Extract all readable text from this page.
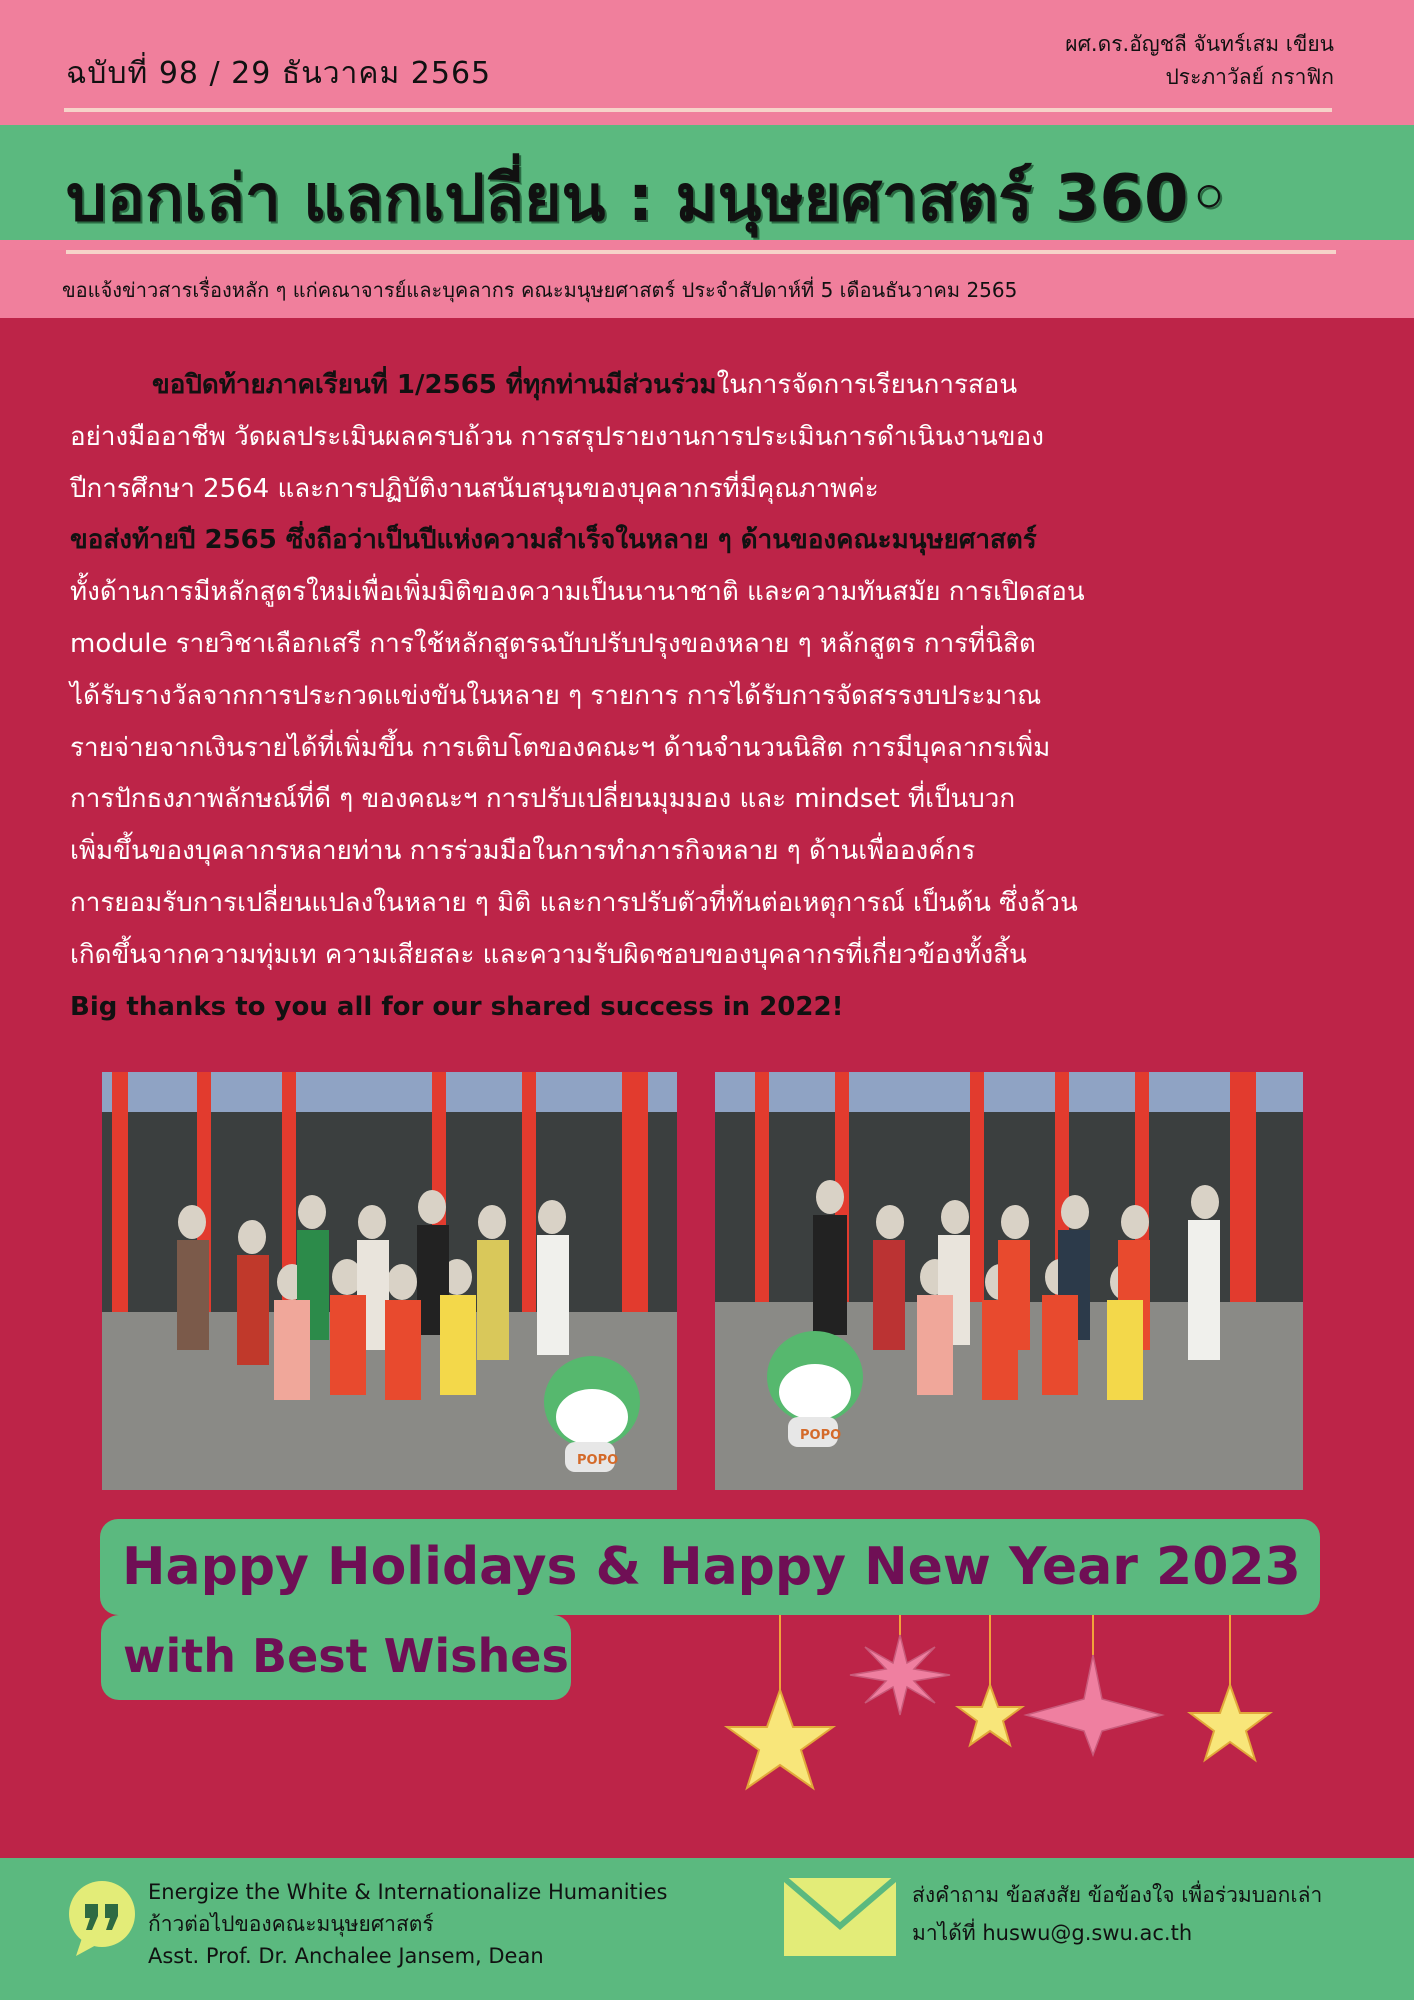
ฉบับที่ 98 / 29 ธันวาคม 2565
ผศ.ดร.อัญชลี จันทร์เสม เขียน
ประภาวัลย์ กราฟิก
บอกเล่า แลกเปลี่ยน : มนุษยศาสตร์ 360◦
ขอแจ้งข่าวสารเรื่องหลัก ๆ แก่คณาจารย์และบุคลากร คณะมนุษยศาสตร์ ประจำสัปดาห์ที่ 5 เดือนธันวาคม 2565

ขอปิดท้ายภาคเรียนที่ 1/2565 ที่ทุกท่านมีส่วนร่วมในการจัดการเรียนการสอน

อย่างมืออาชีพ วัดผลประเมินผลครบถ้วน การสรุปรายงานการประเมินการดำเนินงานของ

ปีการศึกษา 2564 และการปฏิบัติงานสนับสนุนของบุคลากรที่มีคุณภาพค่ะ

ขอส่งท้ายปี 2565 ซึ่งถือว่าเป็นปีแห่งความสำเร็จในหลาย ๆ ด้านของคณะมนุษยศาสตร์

ทั้งด้านการมีหลักสูตรใหม่เพื่อเพิ่มมิติของความเป็นนานาชาติ และความทันสมัย การเปิดสอน

module รายวิชาเลือกเสรี การใช้หลักสูตรฉบับปรับปรุงของหลาย ๆ หลักสูตร การที่นิสิต

ได้รับรางวัลจากการประกวดแข่งขันในหลาย ๆ รายการ การได้รับการจัดสรรงบประมาณ

รายจ่ายจากเงินรายได้ที่เพิ่มขึ้น การเติบโตของคณะฯ ด้านจำนวนนิสิต การมีบุคลากรเพิ่ม

การปักธงภาพลักษณ์ที่ดี ๆ ของคณะฯ การปรับเปลี่ยนมุมมอง และ mindset ที่เป็นบวก

เพิ่มขึ้นของบุคลากรหลายท่าน การร่วมมือในการทำภารกิจหลาย ๆ ด้านเพื่อองค์กร

การยอมรับการเปลี่ยนแปลงในหลาย ๆ มิติ และการปรับตัวที่ทันต่อเหตุการณ์ เป็นต้น ซึ่งล้วน

เกิดขึ้นจากความทุ่มเท ความเสียสละ และความรับผิดชอบของบุคลากรที่เกี่ยวข้องทั้งสิ้น

Big thanks to you all for our shared success in 2022!

POPO
POPO
Happy Holidays & Happy New Year 2023
with Best Wishes
Energize the White & Internationalize Humanities
ก้าวต่อไปของคณะมนุษยศาสตร์
Asst. Prof. Dr. Anchalee Jansem, Dean
ส่งคำถาม ข้อสงสัย ข้อข้องใจ เพื่อร่วมบอกเล่า
มาได้ที่ huswu@g.swu.ac.th
